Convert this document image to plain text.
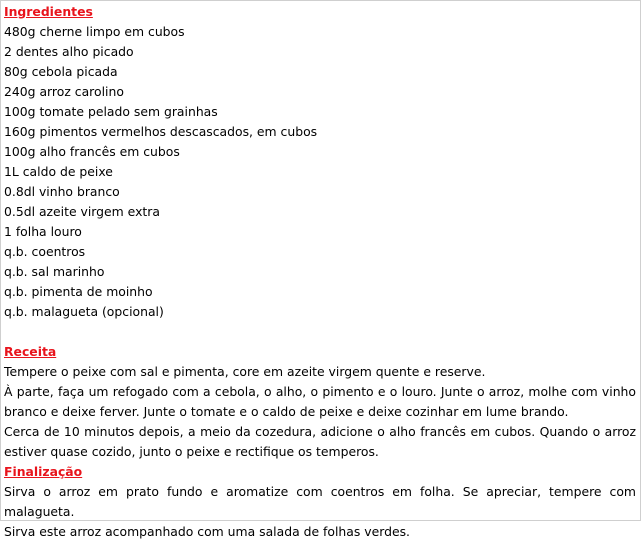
Ingredientes
480g cherne limpo em cubos
2 dentes alho picado
80g cebola picada
240g arroz carolino
100g tomate pelado sem grainhas
160g pimentos vermelhos descascados, em cubos
100g alho francês em cubos
1L caldo de peixe
0.8dl vinho branco
0.5dl azeite virgem extra
1 folha louro
q.b. coentros
q.b. sal marinho
q.b. pimenta de moinho
q.b. malagueta (opcional)
Receita
Tempere o peixe com sal e pimenta, core em azeite virgem quente e reserve.
À parte, faça um refogado com a cebola, o alho, o pimento e o louro. Junte o arroz, molhe com vinho branco e deixe ferver. Junte o tomate e o caldo de peixe e deixe cozinhar em lume brando.
Cerca de 10 minutos depois, a meio da cozedura, adicione o alho francês em cubos. Quando o arroz estiver quase cozido, junto o peixe e rectifique os temperos.
Finalização
Sirva o arroz em prato fundo e aromatize com coentros em folha. Se apreciar, tempere com malagueta.
Sirva este arroz acompanhado com uma salada de folhas verdes.
